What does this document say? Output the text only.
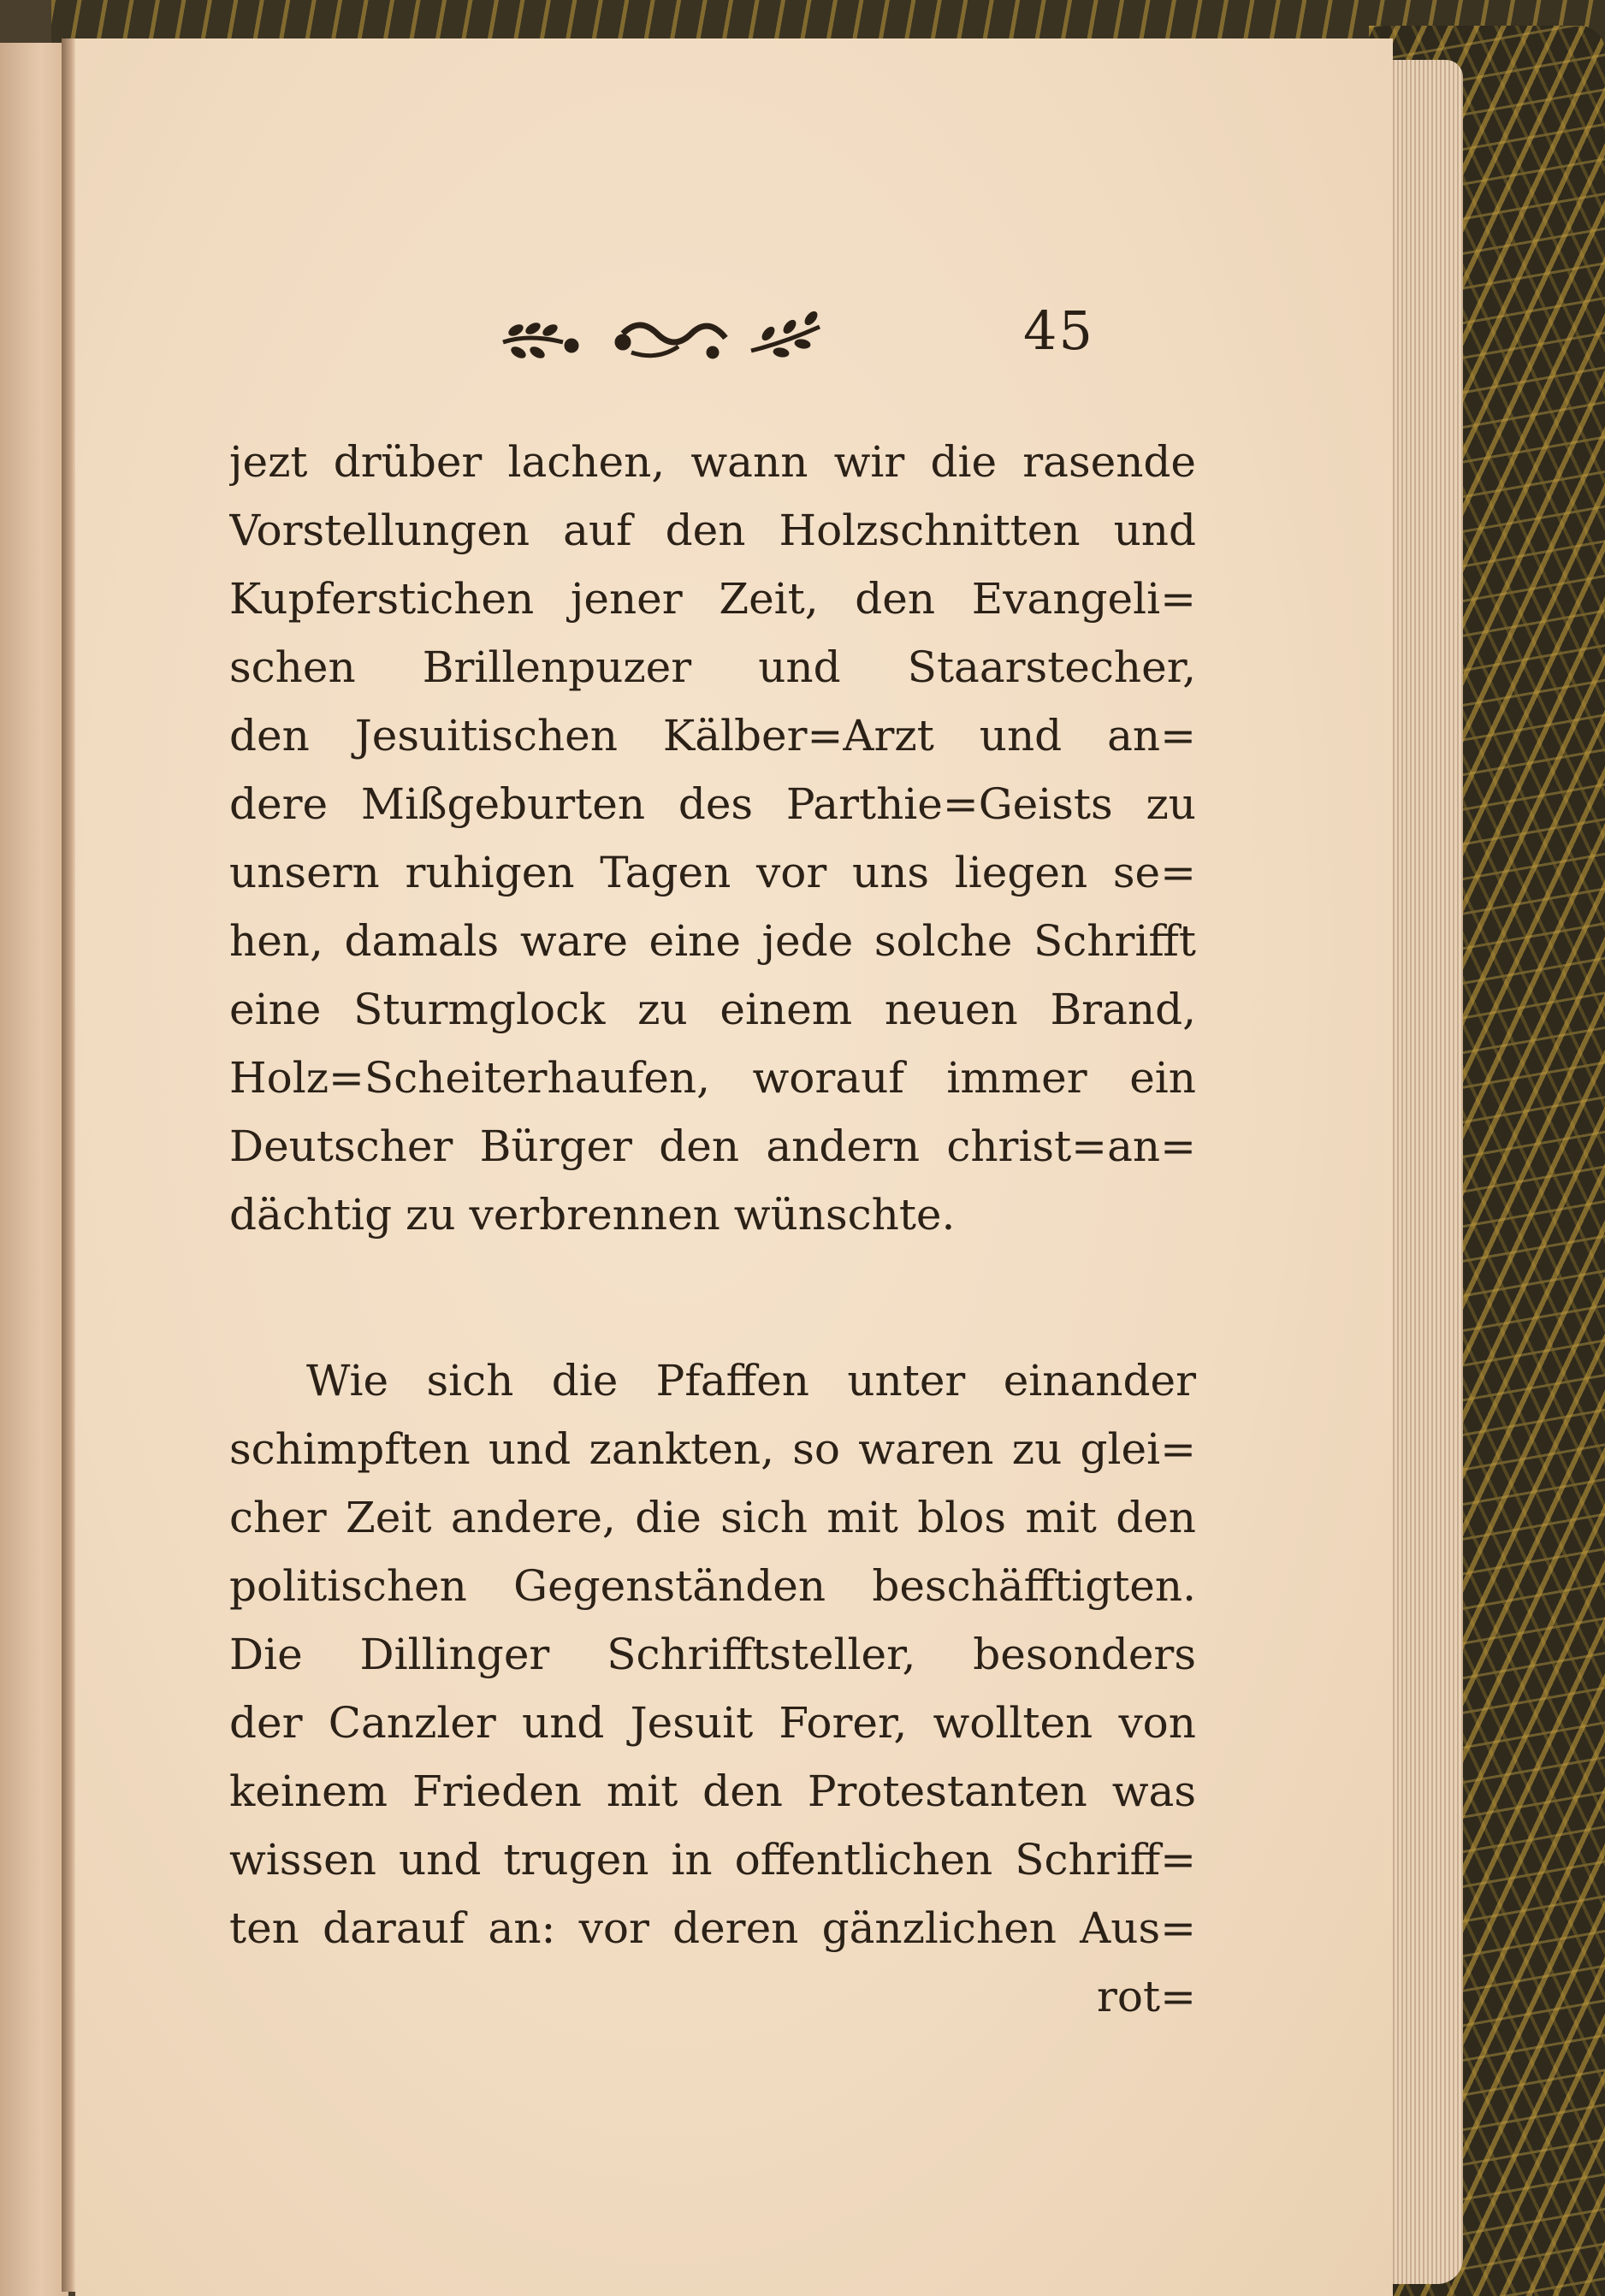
45
jezt drüber lachen, wann wir die rasende
Vorstellungen auf den Holzschnitten und
Kupferstichen jener Zeit, den Evangeli=
schen Brillenpuzer und Staarstecher,
den Jesuitischen Kälber=Arzt und an=
dere Mißgeburten des Parthie=Geists zu
unsern ruhigen Tagen vor uns liegen se=
hen, damals ware eine jede solche Schrifft
eine Sturmglock zu einem neuen Brand,
Holz=Scheiterhaufen, worauf immer ein
Deutscher Bürger den andern christ=an=
dächtig zu verbrennen wünschte.
Wie sich die Pfaffen unter einander
schimpften und zankten, so waren zu glei=
cher Zeit andere, die sich mit blos mit den
politischen Gegenständen beschäfftigten.
Die Dillinger Schrifftsteller, besonders
der Canzler und Jesuit Forer, wollten von
keinem Frieden mit den Protestanten was
wissen und trugen in offentlichen Schriff=
ten darauf an: vor deren gänzlichen Aus=
rot=
